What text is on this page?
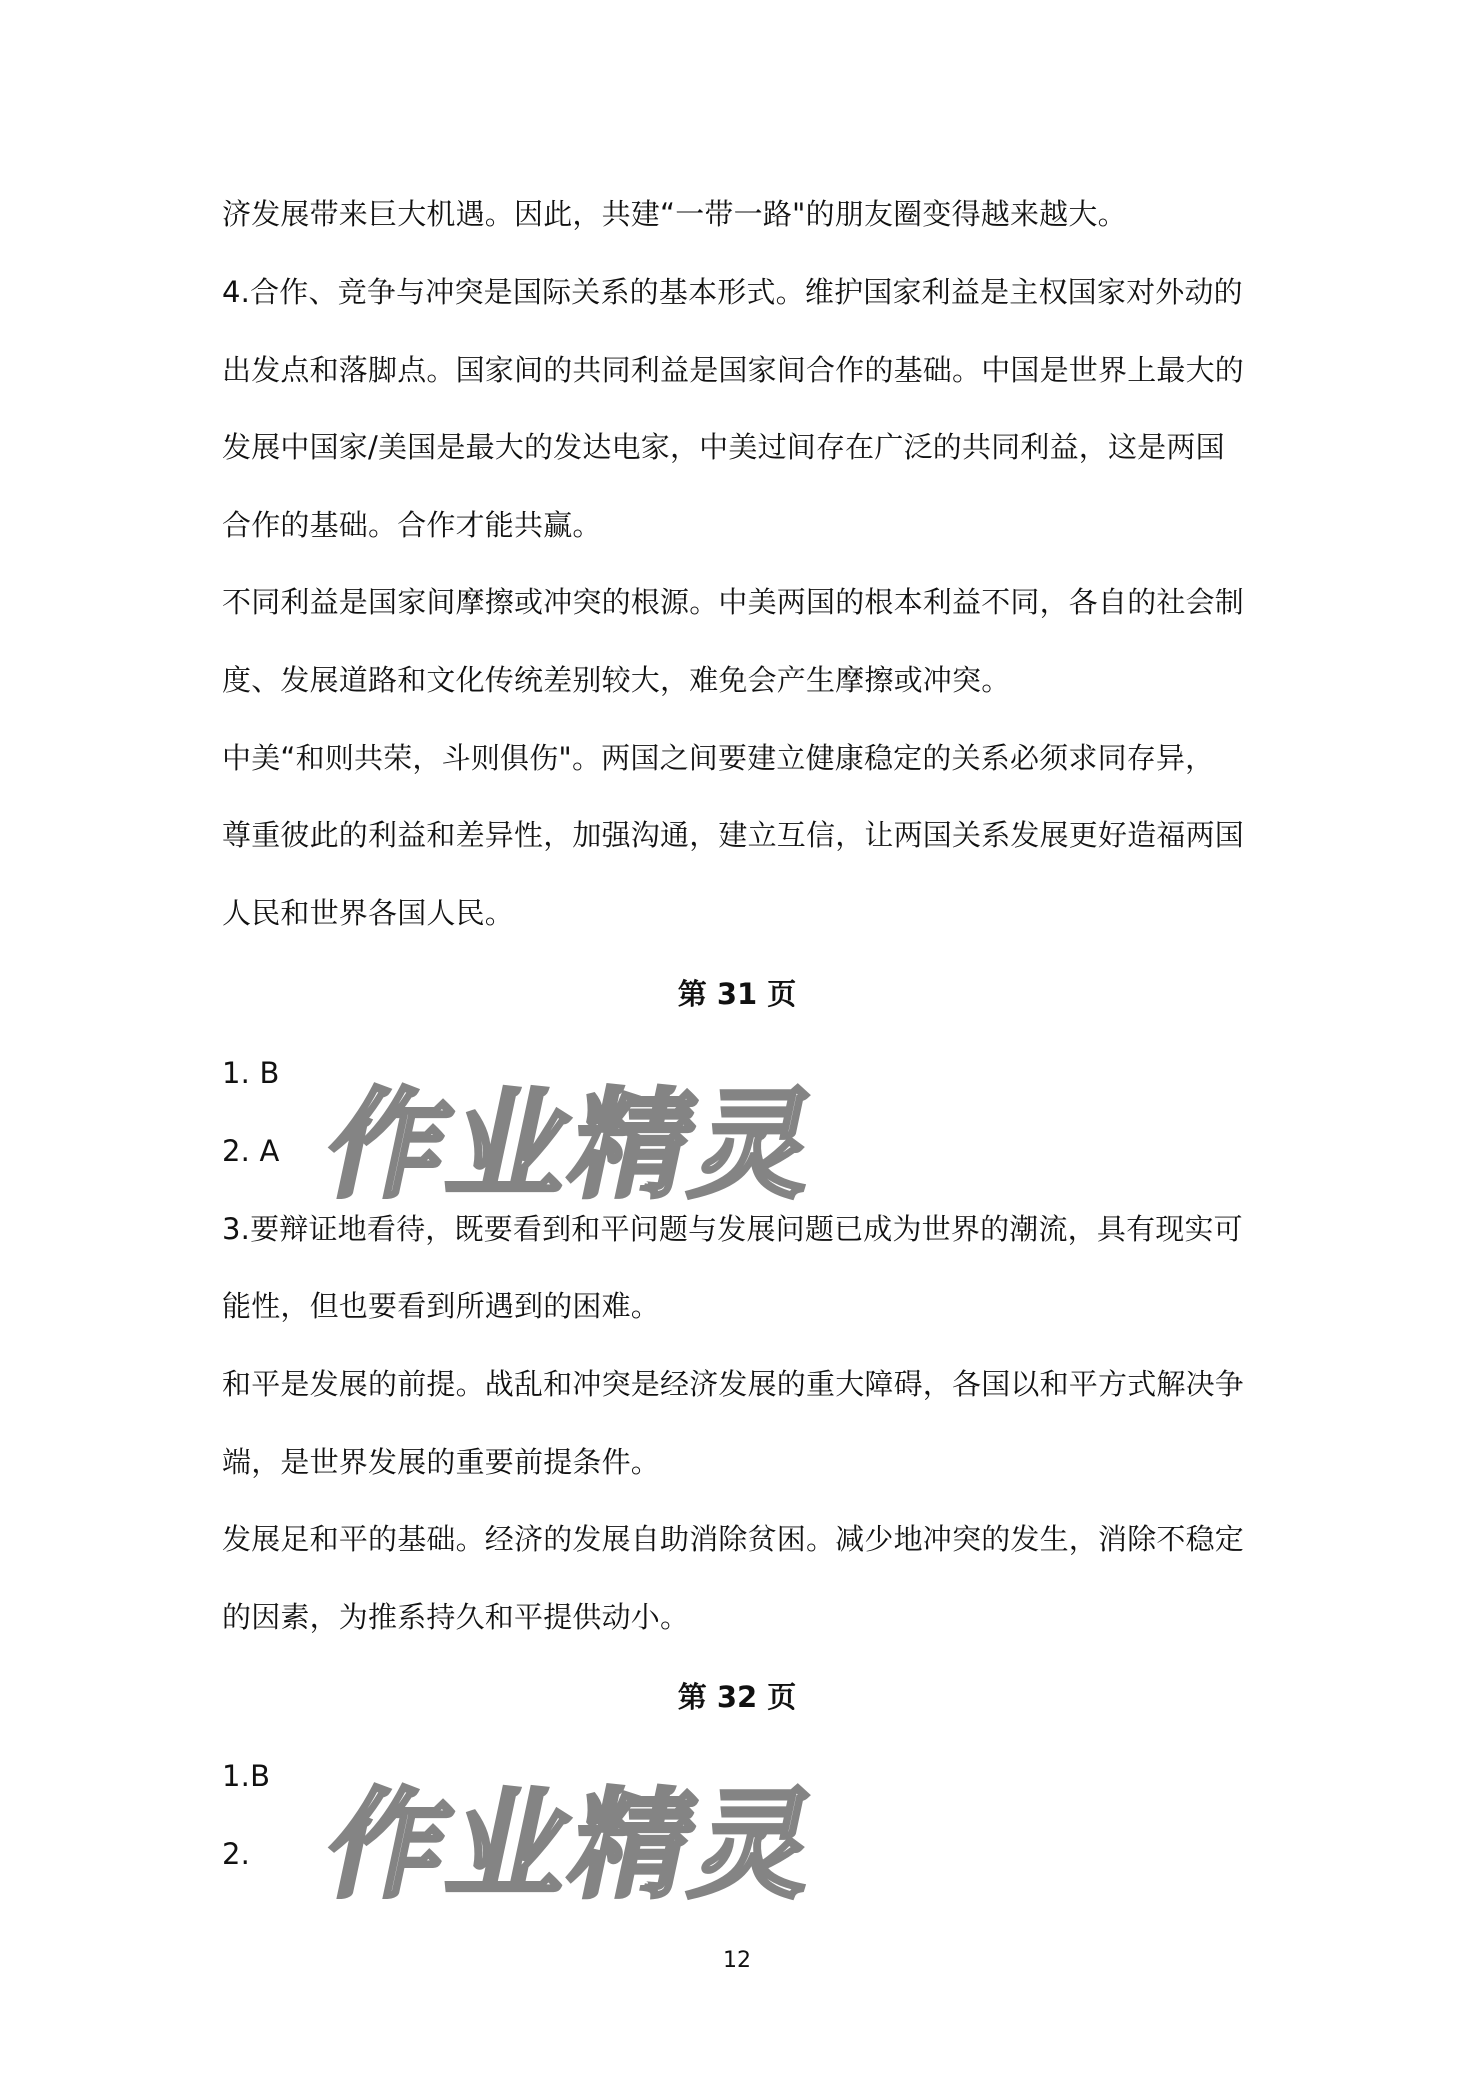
济发展带来巨大机遇。因此，共建“一带一路"的朋友圈变得越来越大。
4.合作、竞争与冲突是国际关系的基本形式。维护国家利益是主权国家对外动的
出发点和落脚点。国家间的共同利益是国家间合作的基础。中国是世界上最大的
发展中国家/美国是最大的发达电家，中美过间存在广泛的共同利益，这是两国
合作的基础。合作才能共赢。
不同利益是国家间摩擦或冲突的根源。中美两国的根本利益不同，各自的社会制
度、发展道路和文化传统差别较大，难免会产生摩擦或冲突。
中美“和则共荣，斗则俱伤"。两国之间要建立健康稳定的关系必须求同存异，
尊重彼此的利益和差异性，加强沟通，建立互信，让两国关系发展更好造福两国
人民和世界各国人民。
第 31 页
1. B
2. A
3.要辩证地看待，既要看到和平问题与发展问题已成为世界的潮流，具有现实可
能性，但也要看到所遇到的困难。
和平是发展的前提。战乱和冲突是经济发展的重大障碍，各国以和平方式解决争
端，是世界发展的重要前提条件。
发展足和平的基础。经济的发展自助消除贫困。减少地冲突的发生，消除不稳定
的因素，为推系持久和平提供动小。
第 32 页
1.B
2.
作业精灵
作业精灵
12
